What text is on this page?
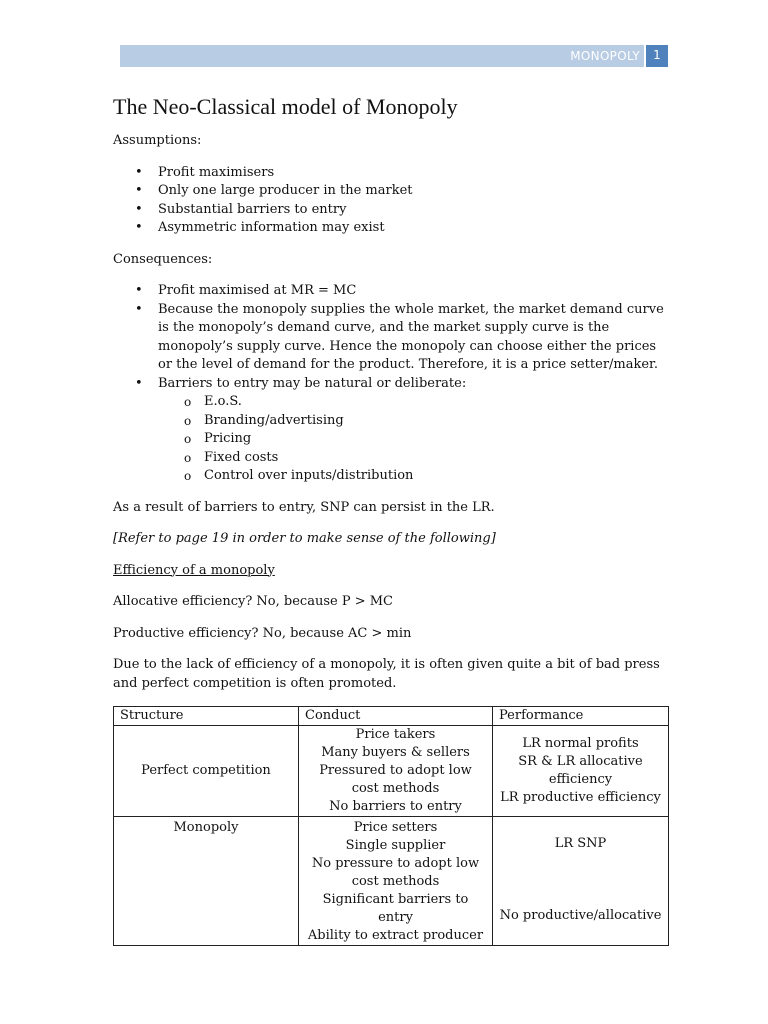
MONOPOLY	1
The Neo-Classical model of Monopoly

Assumptions:

• Profit maximisers
• Only one large producer in the market
• Substantial barriers to entry
• Asymmetric information may exist

Consequences:

• Profit maximised at MR = MC
• Because the monopoly supplies the whole market, the market demand curve is the monopoly’s demand curve, and the market supply curve is the monopoly’s supply curve. Hence the monopoly can choose either the prices or the level of demand for the product. Therefore, it is a price setter/maker.
• Barriers to entry may be natural or deliberate:
o E.o.S.
o Branding/advertising
o Pricing
o Fixed costs
o Control over inputs/distribution

As a result of barriers to entry, SNP can persist in the LR.

[Refer to page 19 in order to make sense of the following]

Efficiency of a monopoly

Allocative efficiency? No, because P > MC

Productive efficiency? No, because AC > min

Due to the lack of efficiency of a monopoly, it is often given quite a bit of bad press and perfect competition is often promoted.

Structure	Conduct	Performance
Perfect competition	Price takers
Many buyers & sellers
Pressured to adopt low cost methods
No barriers to entry	LR normal profits
SR & LR allocative efficiency
LR productive efficiency

Monopoly	Price setters
Single supplier
No pressure to adopt low cost methods
Significant barriers to entry
Ability to extract producer	LR SNP
No productive/allocative
